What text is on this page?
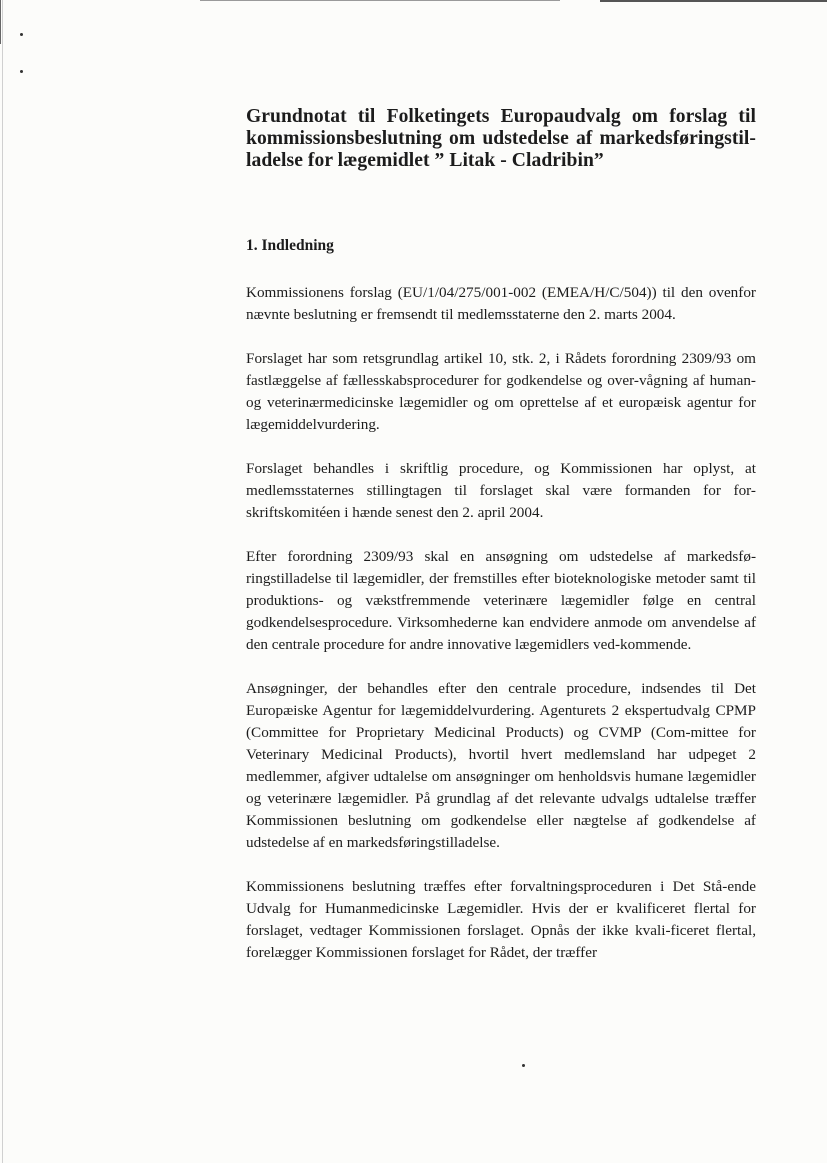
Grundnotat til Folketingets Europaudvalg om forslag til kommissionsbeslutning om udstedelse af markedsføringstil-ladelse for lægemidlet ” Litak - Cladribin”
1. Indledning

Kommissionens forslag (EU/1/04/275/001-002 (EMEA/H/C/504)) til den ovenfor nævnte beslutning er fremsendt til medlemsstaterne den 2. marts 2004.

Forslaget har som retsgrundlag artikel 10, stk. 2, i Rådets forordning 2309/93 om fastlæggelse af fællesskabsprocedurer for godkendelse og over-vågning af human- og veterinærmedicinske lægemidler og om oprettelse af et europæisk agentur for lægemiddelvurdering.

Forslaget behandles i skriftlig procedure, og Kommissionen har oplyst, at medlemsstaternes stillingtagen til forslaget skal være formanden for for-skriftskomitéen i hænde senest den 2. april 2004.

Efter forordning 2309/93 skal en ansøgning om udstedelse af markedsfø-ringstilladelse til lægemidler, der fremstilles efter bioteknologiske metoder samt til produktions- og vækstfremmende veterinære lægemidler følge en central godkendelsesprocedure. Virksomhederne kan endvidere anmode om anvendelse af den centrale procedure for andre innovative lægemidlers ved-kommende.

Ansøgninger, der behandles efter den centrale procedure, indsendes til Det Europæiske Agentur for lægemiddelvurdering. Agenturets 2 ekspertudvalg CPMP (Committee for Proprietary Medicinal Products) og CVMP (Com-mittee for Veterinary Medicinal Products), hvortil hvert medlemsland har udpeget 2 medlemmer, afgiver udtalelse om ansøgninger om henholdsvis humane lægemidler og veterinære lægemidler. På grundlag af det relevante udvalgs udtalelse træffer Kommissionen beslutning om godkendelse eller nægtelse af godkendelse af udstedelse af en markedsføringstilladelse.

Kommissionens beslutning træffes efter forvaltningsproceduren i Det Stå-ende Udvalg for Humanmedicinske Lægemidler. Hvis der er kvalificeret flertal for forslaget, vedtager Kommissionen forslaget. Opnås der ikke kvali-ficeret flertal, forelægger Kommissionen forslaget for Rådet, der træffer
